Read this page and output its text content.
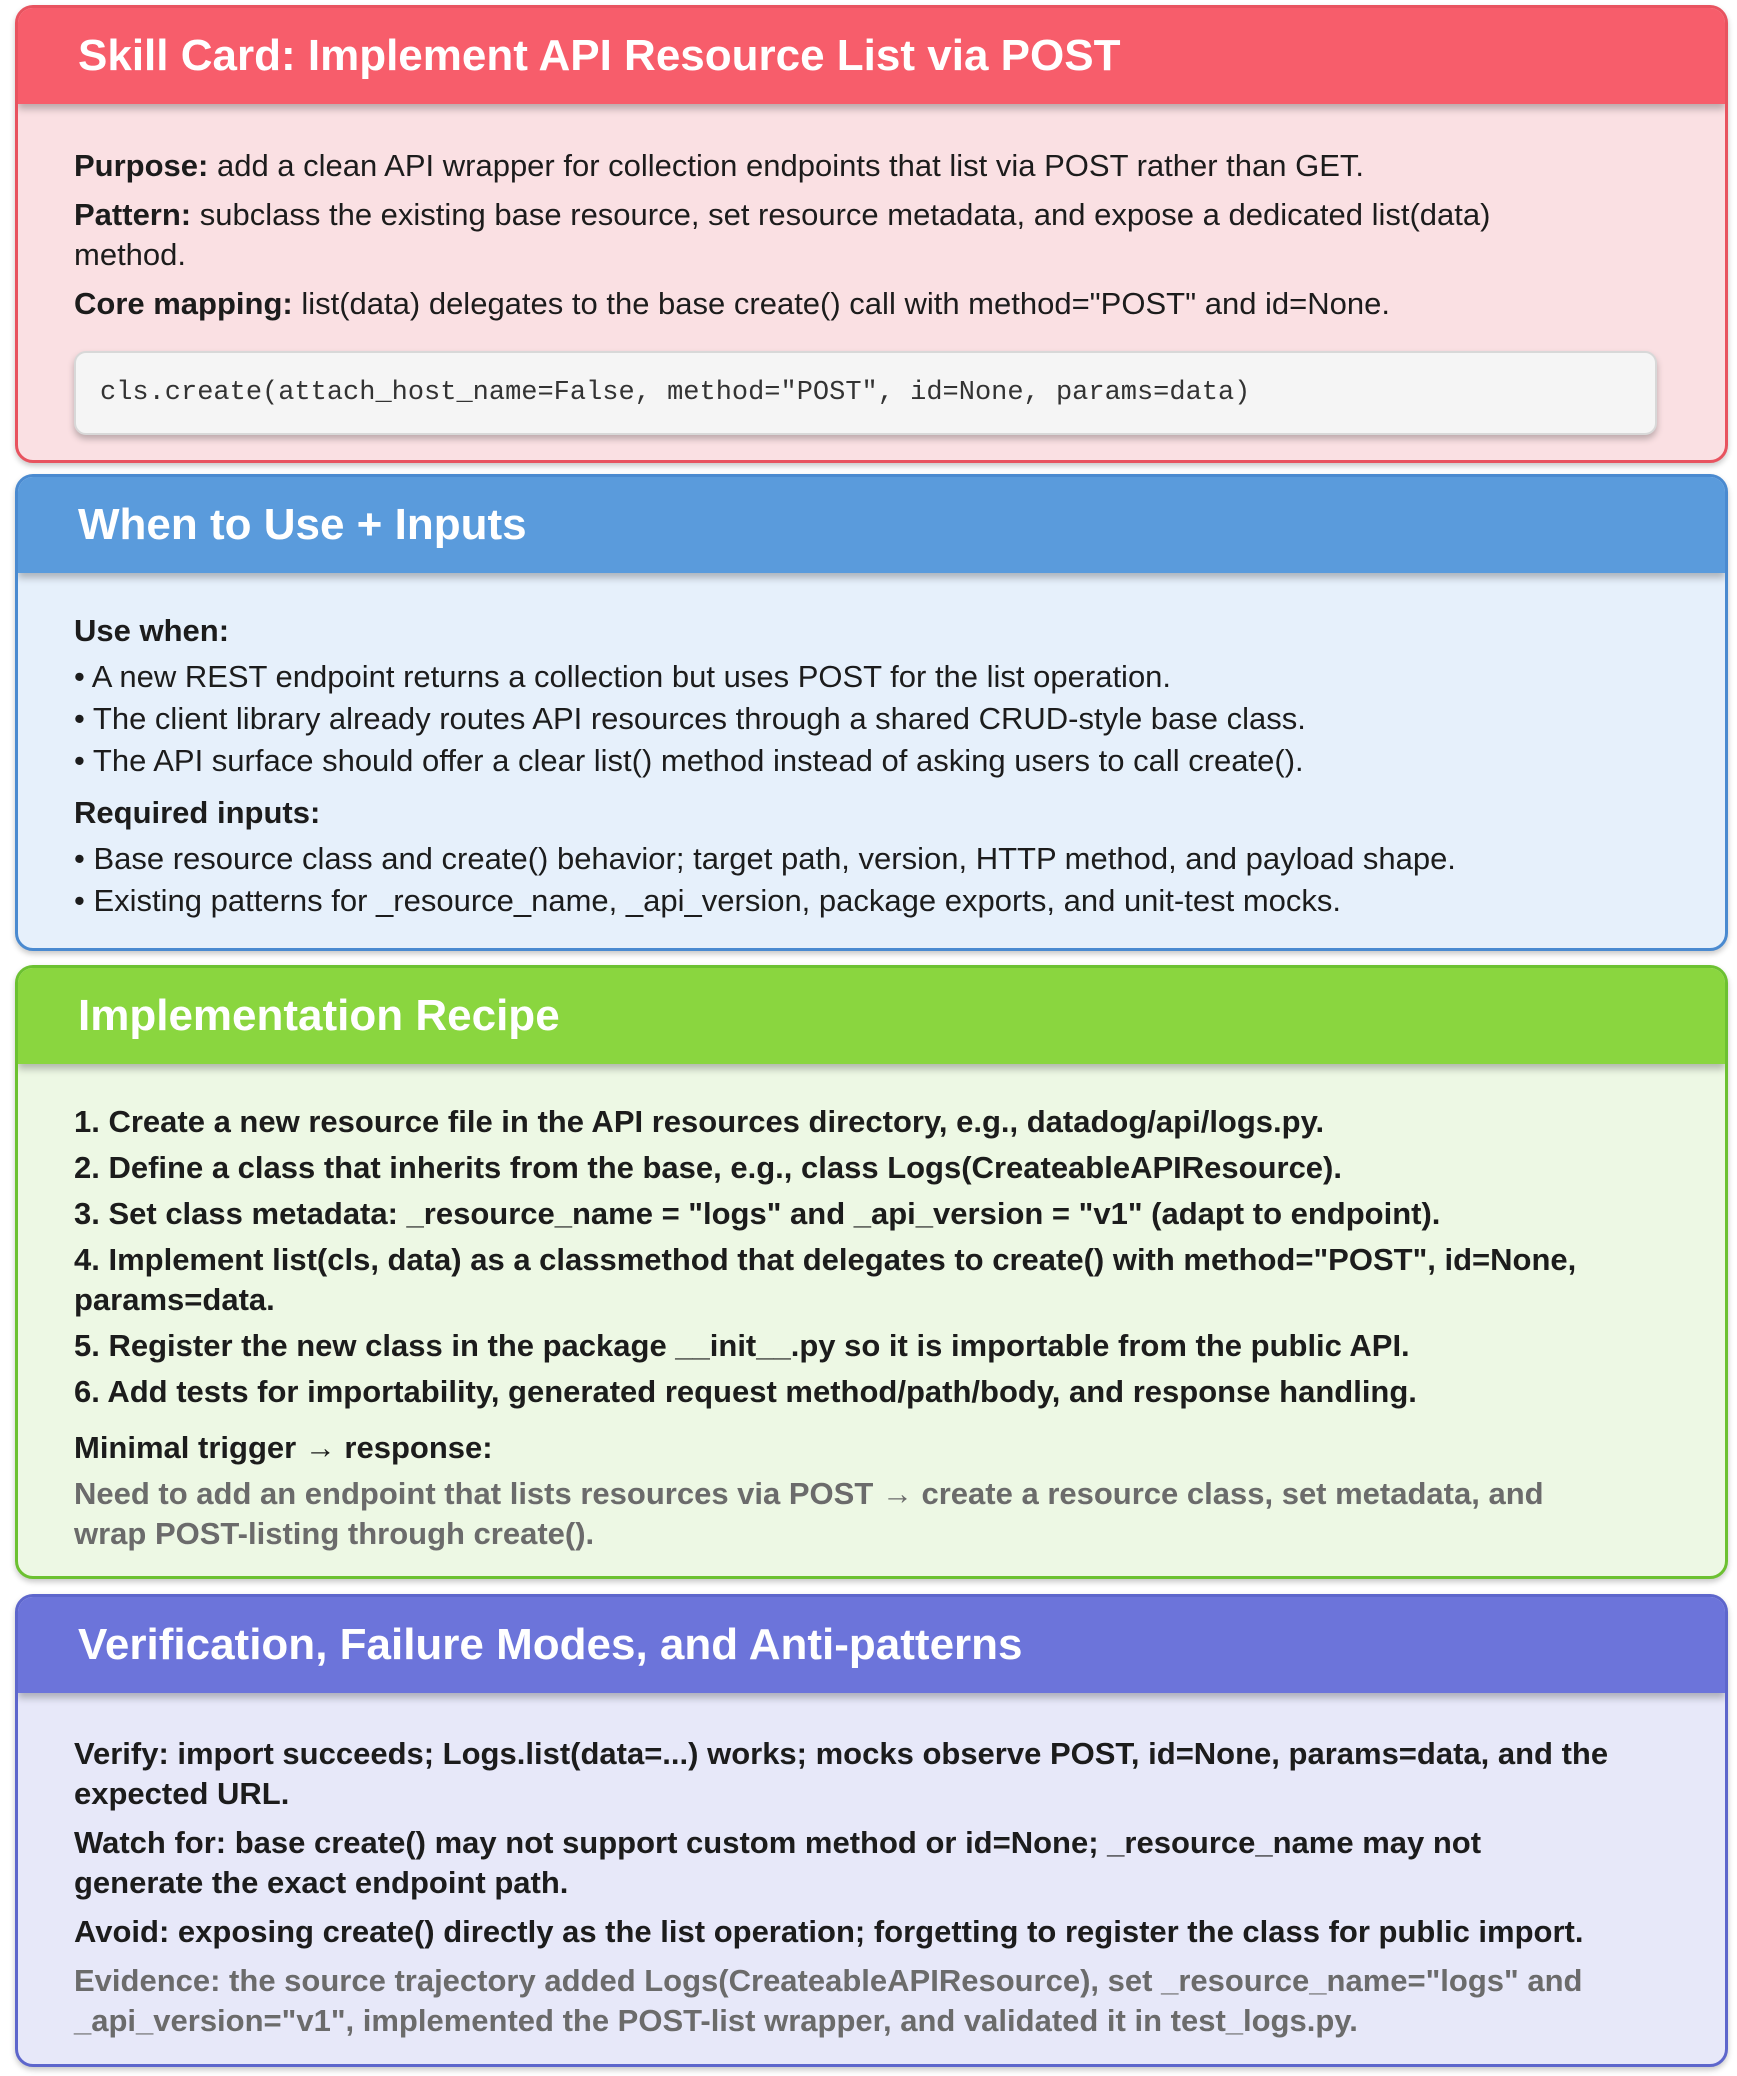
Skill Card: Implement API Resource List via POST

Purpose: add a clean API wrapper for collection endpoints that list via POST rather than GET.

Pattern: subclass the existing base resource, set resource metadata, and expose a dedicated list(data)
method.

Core mapping: list(data) delegates to the base create() call with method="POST" and id=None.

cls.create(attach_host_name=False, method="POST", id=None, params=data)
When to Use + Inputs

Use when:

• A new REST endpoint returns a collection but uses POST for the list operation.

• The client library already routes API resources through a shared CRUD-style base class.

• The API surface should offer a clear list() method instead of asking users to call create().

Required inputs:

• Base resource class and create() behavior; target path, version, HTTP method, and payload shape.

• Existing patterns for _resource_name, _api_version, package exports, and unit-test mocks.

Implementation Recipe

1. Create a new resource file in the API resources directory, e.g., datadog/api/logs.py.

2. Define a class that inherits from the base, e.g., class Logs(CreateableAPIResource).

3. Set class metadata: _resource_name = "logs" and _api_version = "v1" (adapt to endpoint).

4. Implement list(cls, data) as a classmethod that delegates to create() with method="POST", id=None,

params=data.

5. Register the new class in the package __init__.py so it is importable from the public API.

6. Add tests for importability, generated request method/path/body, and response handling.

Minimal trigger → response:

Need to add an endpoint that lists resources via POST → create a resource class, set metadata, and

wrap POST-listing through create().

Verification, Failure Modes, and Anti-patterns

Verify: import succeeds; Logs.list(data=...) works; mocks observe POST, id=None, params=data, and the

expected URL.

Watch for: base create() may not support custom method or id=None; _resource_name may not

generate the exact endpoint path.

Avoid: exposing create() directly as the list operation; forgetting to register the class for public import.

Evidence: the source trajectory added Logs(CreateableAPIResource), set _resource_name="logs" and

_api_version="v1", implemented the POST-list wrapper, and validated it in test_logs.py.
